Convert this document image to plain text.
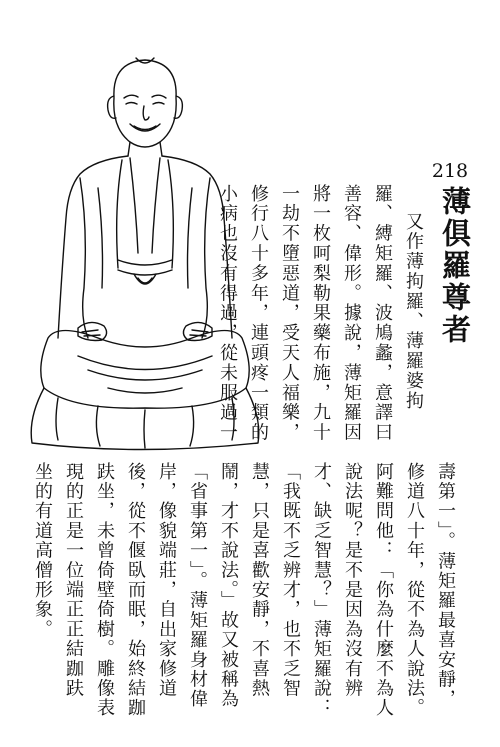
218
薄俱羅尊者
又作薄拘羅、薄羅婆拘
羅、縛矩羅、波鳩蠡，意譯曰
善容、偉形。據說，薄矩羅因
將一枚呵梨勒果藥布施，九十
一劫不墮惡道，受天人福樂，
修行八十多年，連頭疼一類的
小病也沒有得過，從未服過一
壽第一」。薄矩羅最喜安靜，
修道八十年，從不為人說法。
阿難問他：「你為什麼不為人
說法呢？是不是因為沒有辨
才、缺乏智慧？」薄矩羅說：
「我既不乏辨才，也不乏智
慧，只是喜歡安靜，不喜熱
鬧，才不說法。」故又被稱為
「省事第一」。薄矩羅身材偉
岸，像貌端莊，自出家修道
後，從不偃臥而眠，始終結跏
趺坐，未曾倚壁倚樹。雕像表
現的正是一位端正正結跏趺
坐的有道高僧形象。
